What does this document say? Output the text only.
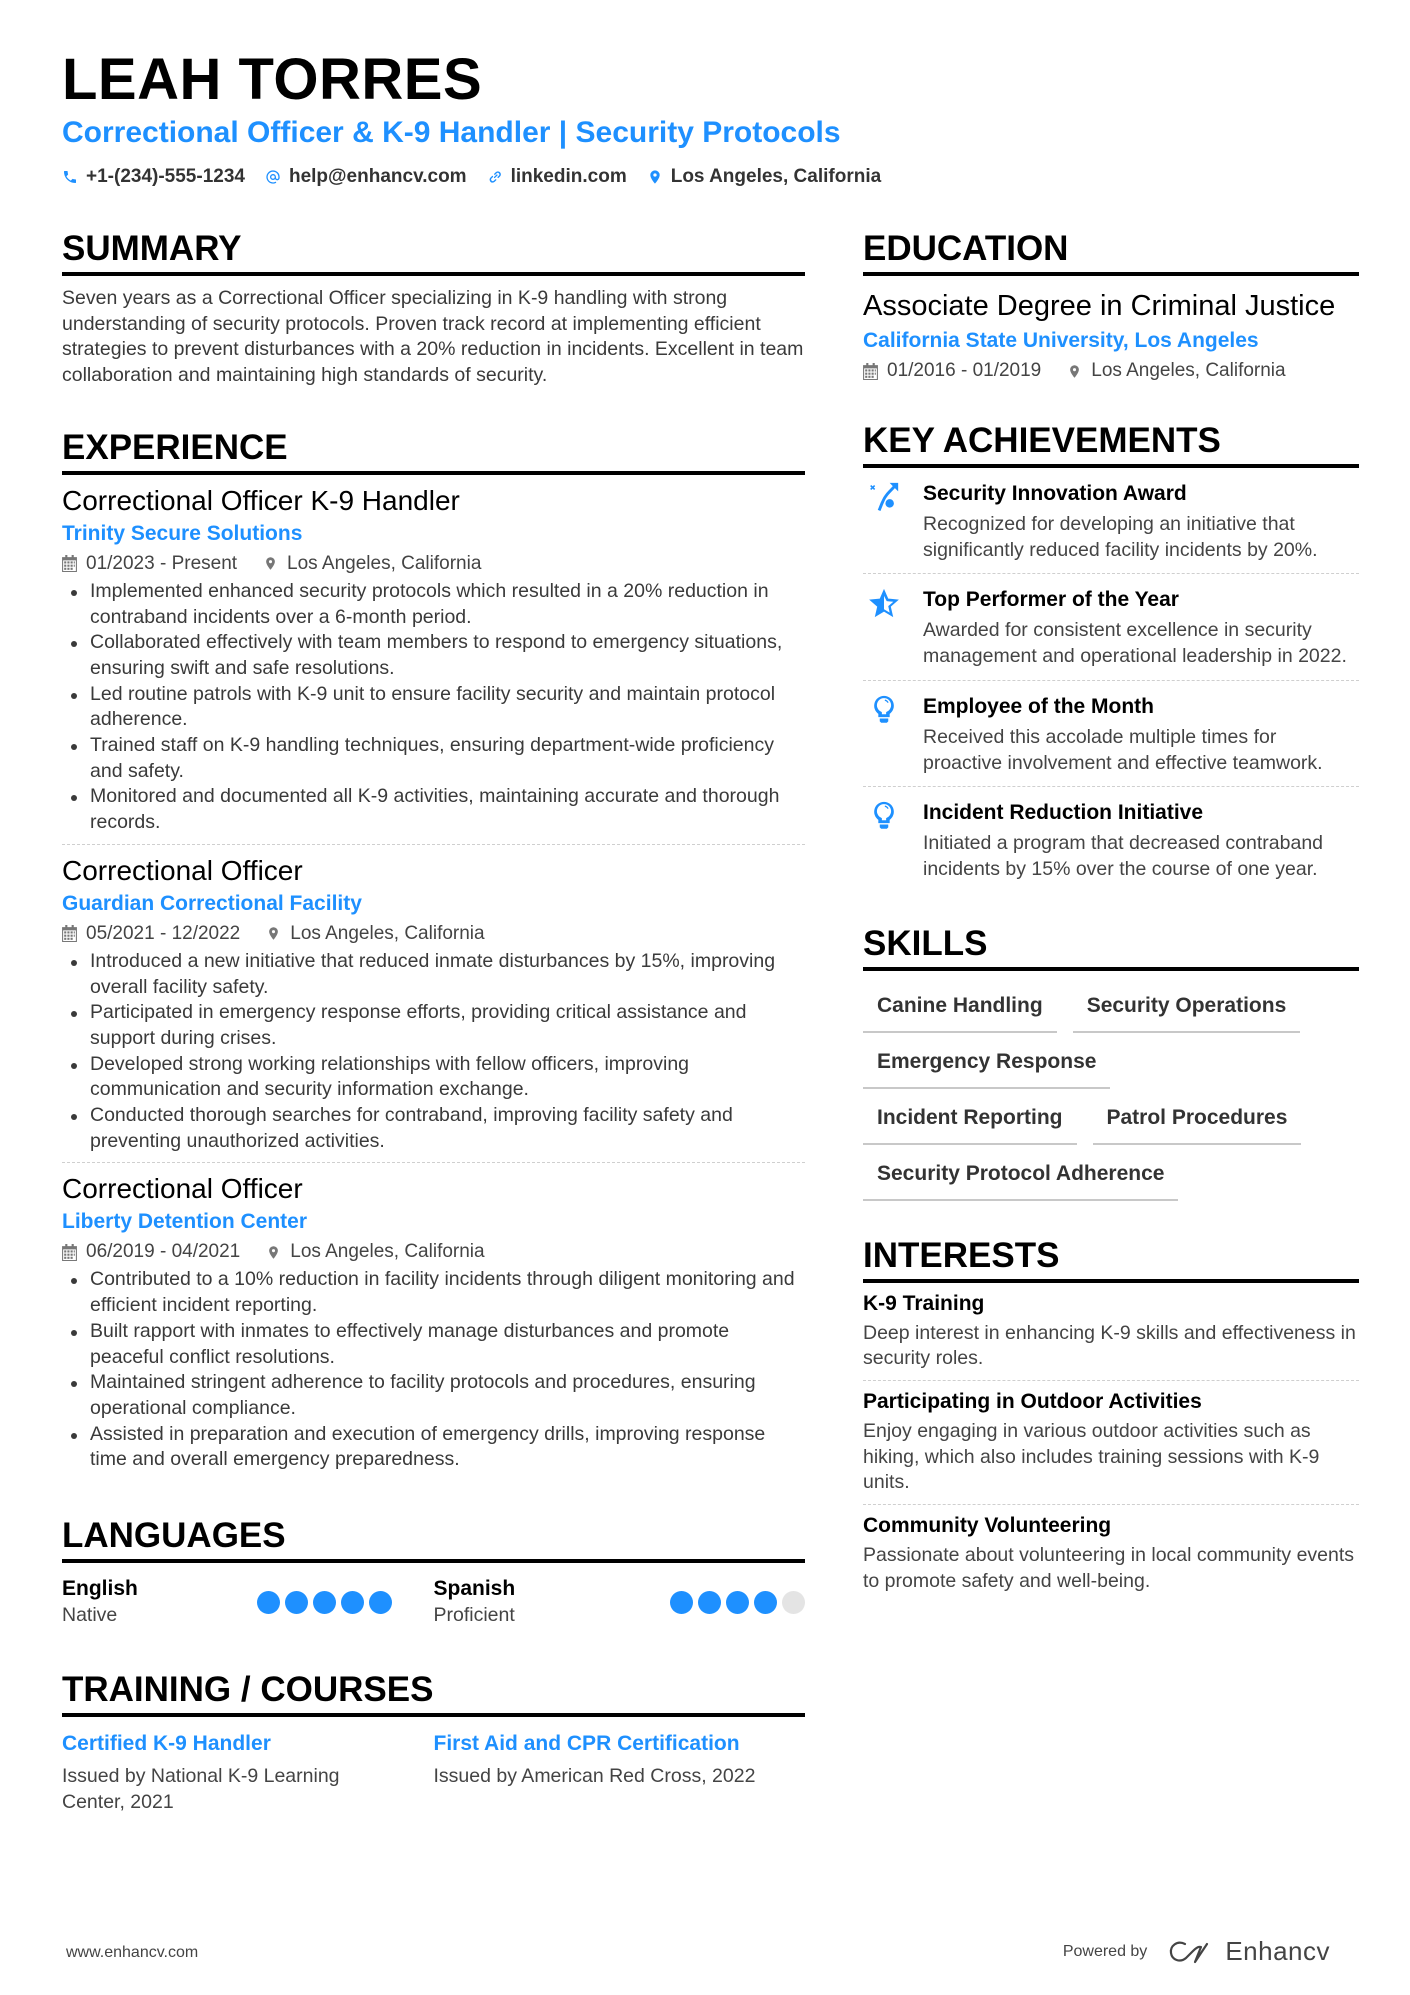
LEAH TORRES
Correctional Officer & K-9 Handler | Security Protocols
+1-(234)-555-1234 help@enhancv.com linkedin.com Los Angeles, California
SUMMARY

Seven years as a Correctional Officer specializing in K-9 handling with strong understanding of security protocols. Proven track record at implementing efficient strategies to prevent disturbances with a 20% reduction in incidents. Excellent in team collaboration and maintaining high standards of security.

EXPERIENCE
Correctional Officer K-9 Handler
Trinity Secure Solutions
01/2023 - Present	Los Angeles, California
Implemented enhanced security protocols which resulted in a 20% reduction in contraband incidents over a 6-month period.
Collaborated effectively with team members to respond to emergency situations, ensuring swift and safe resolutions.
Led routine patrols with K-9 unit to ensure facility security and maintain protocol adherence.
Trained staff on K-9 handling techniques, ensuring department-wide proficiency and safety.
Monitored and documented all K-9 activities, maintaining accurate and thorough records.
Correctional Officer
Guardian Correctional Facility
05/2021 - 12/2022	Los Angeles, California
Introduced a new initiative that reduced inmate disturbances by 15%, improving overall facility safety.
Participated in emergency response efforts, providing critical assistance and support during crises.
Developed strong working relationships with fellow officers, improving communication and security information exchange.
Conducted thorough searches for contraband, improving facility safety and preventing unauthorized activities.
Correctional Officer
Liberty Detention Center
06/2019 - 04/2021	Los Angeles, California
Contributed to a 10% reduction in facility incidents through diligent monitoring and efficient incident reporting.
Built rapport with inmates to effectively manage disturbances and promote peaceful conflict resolutions.
Maintained stringent adherence to facility protocols and procedures, ensuring operational compliance.
Assisted in preparation and execution of emergency drills, improving response time and overall emergency preparedness.
LANGUAGES
English
Native
Spanish
Proficient
TRAINING / COURSES
Certified K-9 Handler
Issued by National K-9 Learning Center, 2021
First Aid and CPR Certification
Issued by American Red Cross, 2022
EDUCATION
Associate Degree in Criminal Justice
California State University, Los Angeles
01/2016 - 01/2019	Los Angeles, California
KEY ACHIEVEMENTS
Security Innovation Award
Recognized for developing an initiative that significantly reduced facility incidents by 20%.
Top Performer of the Year
Awarded for consistent excellence in security management and operational leadership in 2022.
Employee of the Month
Received this accolade multiple times for proactive involvement and effective teamwork.
Incident Reduction Initiative
Initiated a program that decreased contraband incidents by 15% over the course of one year.
SKILLS
Canine Handling	Security Operations
Emergency Response
Incident Reporting	Patrol Procedures
Security Protocol Adherence
INTERESTS
K-9 Training
Deep interest in enhancing K-9 skills and effectiveness in security roles.
Participating in Outdoor Activities
Enjoy engaging in various outdoor activities such as hiking, which also includes training sessions with K-9 units.
Community Volunteering
Passionate about volunteering in local community events to promote safety and well-being.
www.enhancv.com	Powered by	Enhancv
